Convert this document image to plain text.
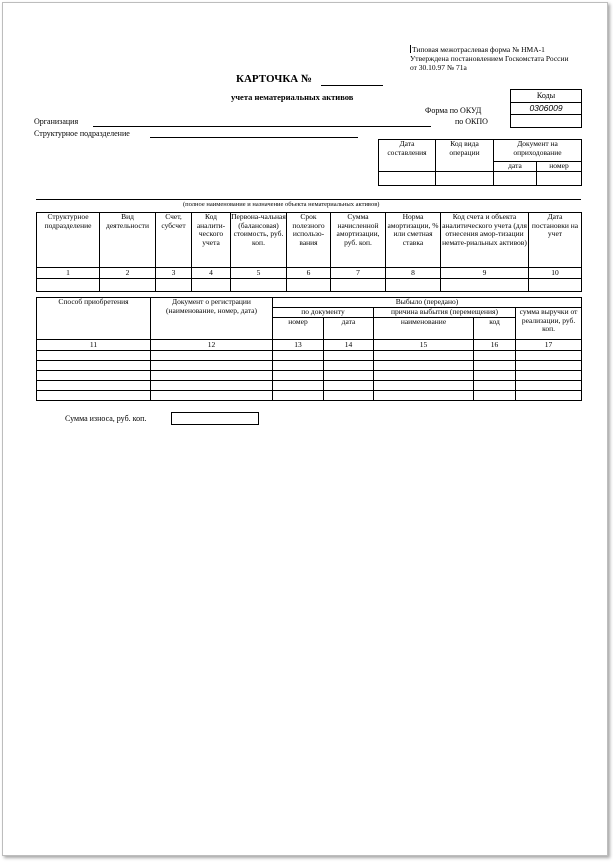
Типовая межотраслевая форма № НМА-1
Утверждена постановлением Госкомстата России
от 30.10.97 № 71а
КАРТОЧКА №
учета нематериальных активов	Коды
0306009
Форма по ОКУД
по ОКПО
Организация
Структурное подразделение
Дата составления	Код вида операции	Документ на оприходование	
		дата	номер

(полное наименование и назначение объекта нематериальных активов)
Структурное подразделение	Вид деятельности	Счет, субсчет	Код аналити-ческого учета	Первона-чальная (балансовая) стоимость, руб. коп.	Срок полезного использо-вания	Сумма начисленной амортизации, руб. коп.	Норма амортизации, % или сметная ставка	Код счета и объекта аналитического учета (для отнесения амор-тизации немате-риальных активов)	Дата постановки на учет
1	2	3	4	5	6	7	8	9	10

Способ приобретения	Документ о регистрации (наименование, номер, дата)	Выбыло (передано)				
		по документу		причина выбытия (перемещения)		сумма выручки от реализации, руб. коп.
		номер	дата	наименование	код	
11	12	13	14	15	16	17

Сумма износа, руб. коп.
